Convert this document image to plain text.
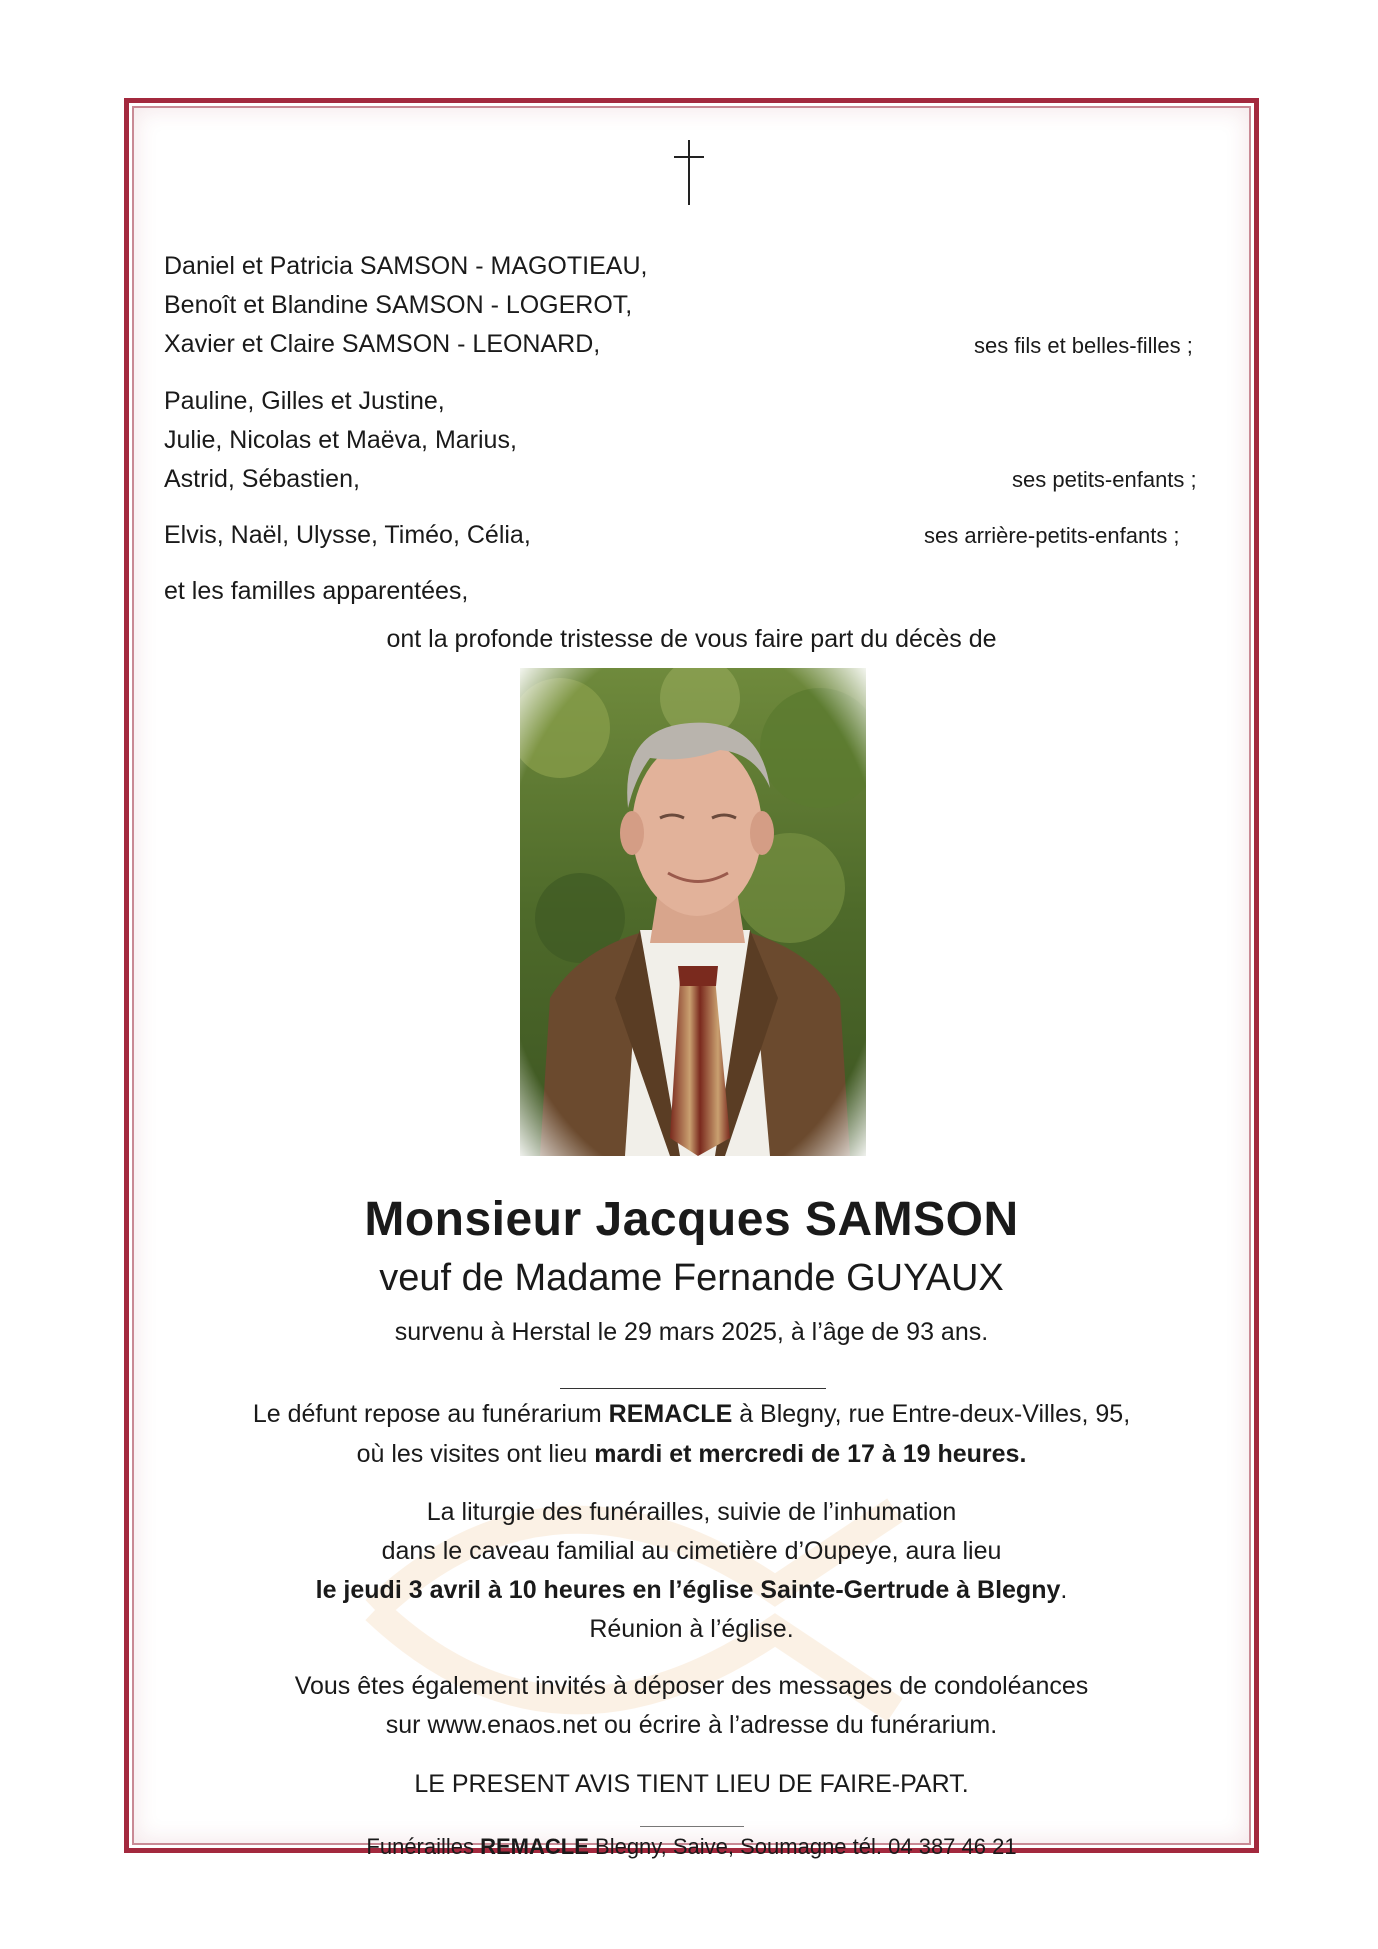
Daniel et Patricia SAMSON - MAGOTIEAU,
Benoît et Blandine SAMSON - LOGEROT,
Xavier et Claire SAMSON - LEONARD,	ses fils et belles-filles ;
Pauline, Gilles et Justine,
Julie, Nicolas et Maëva, Marius,
Astrid, Sébastien,	ses petits-enfants ;
Elvis, Naël, Ulysse, Timéo, Célia,	ses arrière-petits-enfants ;
et les familles apparentées,
ont la profonde tristesse de vous faire part du décès de
Monsieur Jacques SAMSON
veuf de Madame Fernande GUYAUX
survenu à Herstal le 29 mars 2025, à l’âge de 93 ans.
Le défunt repose au funérarium REMACLE à Blegny, rue Entre-deux-Villes, 95,
où les visites ont lieu mardi et mercredi de 17 à 19 heures.
La liturgie des funérailles, suivie de l’inhumation
dans le caveau familial au cimetière d’Oupeye, aura lieu
le jeudi 3 avril à 10 heures en l’église Sainte-Gertrude à Blegny.
Réunion à l’église.
Vous êtes également invités à déposer des messages de condoléances
sur www.enaos.net ou écrire à l’adresse du funérarium.
LE PRESENT AVIS TIENT LIEU DE FAIRE-PART.
Funérailles REMACLE Blegny, Saive, Soumagne tél. 04 387 46 21
